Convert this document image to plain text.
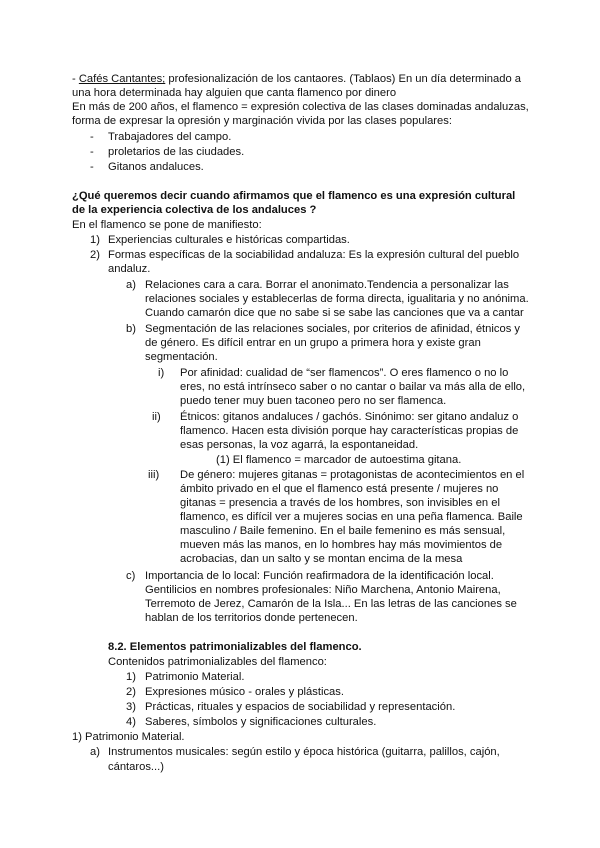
- Cafés Cantantes; profesionalización de los cantaores. (Tablaos) En un día determinado a
una hora determinada hay alguien que canta flamenco por dinero
En más de 200 años, el flamenco = expresión colectiva de las clases dominadas andaluzas,
forma de expresar la opresión y marginación vivida por las clases populares:
- Trabajadores del campo.
- proletarios de las ciudades.
- Gitanos andaluces.
¿Qué queremos decir cuando afirmamos que el flamenco es una expresión cultural
de la experiencia colectiva de los andaluces ?
En el flamenco se pone de manifiesto:
1) Experiencias culturales e históricas compartidas.
2) Formas específicas de la sociabilidad andaluza: Es la expresión cultural del pueblo
andaluz.
a) Relaciones cara a cara. Borrar el anonimato.Tendencia a personalizar las
relaciones sociales y establecerlas de forma directa, igualitaria y no anónima.
Cuando camarón dice que no sabe si se sabe las canciones que va a cantar
b) Segmentación de las relaciones sociales, por criterios de afinidad, étnicos y
de género. Es difícil entrar en un grupo a primera hora y existe gran
segmentación.
i) Por afinidad: cualidad de “ser flamencos”. O eres flamenco o no lo
eres, no está intrínseco saber o no cantar o bailar va más alla de ello,
puedo tener muy buen taconeo pero no ser flamenca.
ii) Étnicos: gitanos andaluces / gachós. Sinónimo: ser gitano andaluz o
flamenco. Hacen esta división porque hay características propias de
esas personas, la voz agarrá, la espontaneidad.
(1) El flamenco = marcador de autoestima gitana.
iii) De género: mujeres gitanas = protagonistas de acontecimientos en el
ámbito privado en el que el flamenco está presente / mujeres no
gitanas = presencia a través de los hombres, son invisibles en el
flamenco, es difícil ver a mujeres socias en una peña flamenca. Baile
masculino / Baile femenino. En el baile femenino es más sensual,
mueven más las manos, en lo hombres hay más movimientos de
acrobacias, dan un salto y se montan encima de la mesa
c) Importancia de lo local: Función reafirmadora de la identificación local.
Gentilicios en nombres profesionales: Niño Marchena, Antonio Mairena,
Terremoto de Jerez, Camarón de la Isla... En las letras de las canciones se
hablan de los territorios donde pertenecen.
8.2. Elementos patrimonializables del flamenco.
Contenidos patrimonializables del flamenco:
1) Patrimonio Material.
2) Expresiones músico - orales y plásticas.
3) Prácticas, rituales y espacios de sociabilidad y representación.
4) Saberes, símbolos y significaciones culturales.
1) Patrimonio Material.
a) Instrumentos musicales: según estilo y época histórica (guitarra, palillos, cajón,
cántaros...)
